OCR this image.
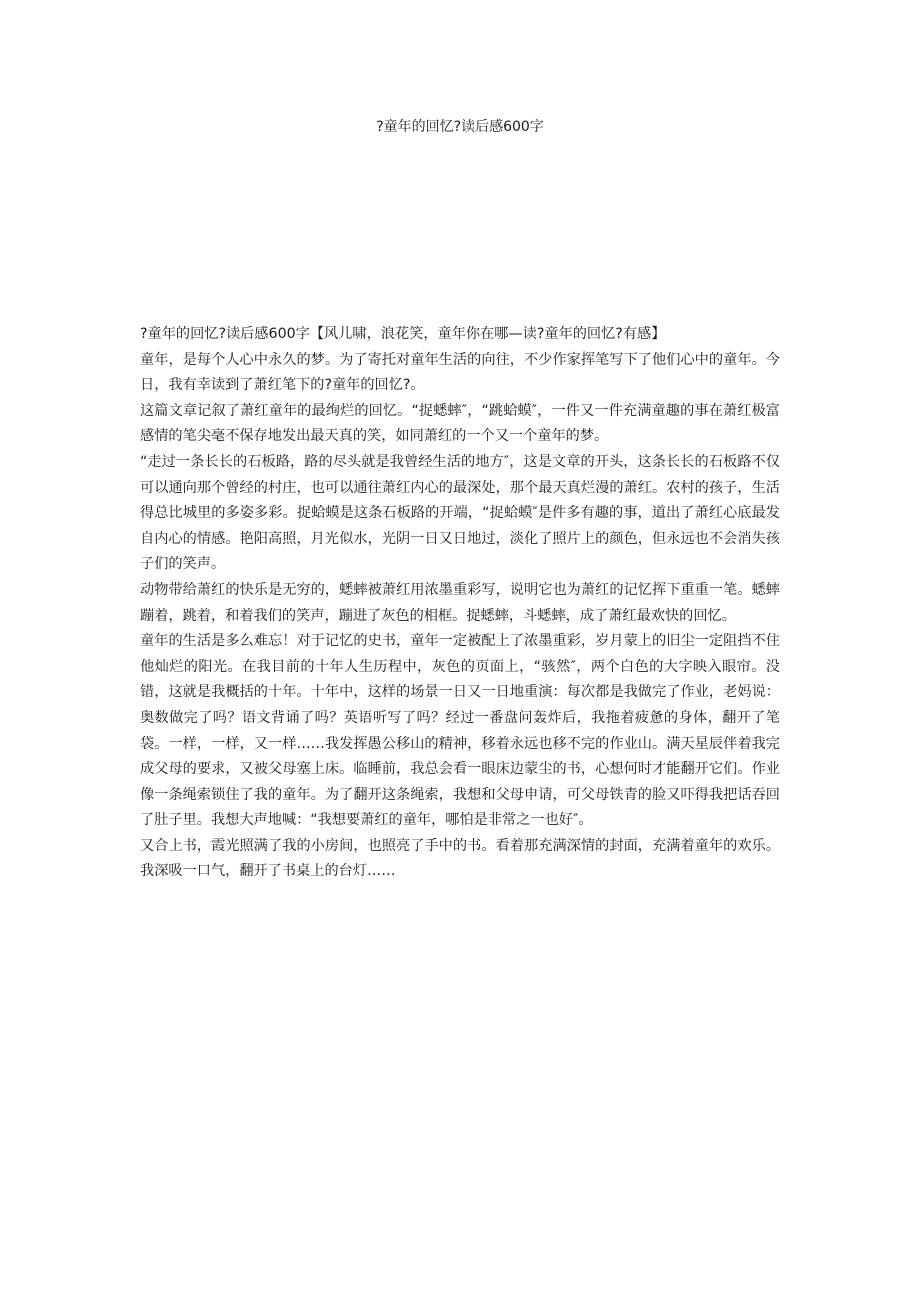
?童年的回忆?读后感600字

?童年的回忆?读后感600字【风儿啸，浪花笑，童年你在哪—读?童年的回忆?有感】

童年，是每个人心中永久的梦。为了寄托对童年生活的向往，不少作家挥笔写下了他们心中的童年。今日，我有幸读到了萧红笔下的?童年的回忆?。

这篇文章记叙了萧红童年的最绚烂的回忆。“捉蟋蟀″，“跳蛤蟆″，一件又一件充满童趣的事在萧红极富感情的笔尖毫不保存地发出最天真的笑，如同萧红的一个又一个童年的梦。

“走过一条长长的石板路，路的尽头就是我曾经生活的地方″，这是文章的开头，这条长长的石板路不仅可以通向那个曾经的村庄，也可以通往萧红内心的最深处，那个最天真烂漫的萧红。农村的孩子，生活得总比城里的多姿多彩。捉蛤蟆是这条石板路的开端，“捉蛤蟆″是件多有趣的事，道出了萧红心底最发自内心的情感。艳阳高照，月光似水，光阴一日又日地过，淡化了照片上的颜色，但永远也不会消失孩子们的笑声。

动物带给萧红的快乐是无穷的，蟋蟀被萧红用浓墨重彩写，说明它也为萧红的记忆挥下重重一笔。蟋蟀蹦着，跳着，和着我们的笑声，蹦进了灰色的相框。捉蟋蟀，斗蟋蟀，成了萧红最欢快的回忆。

童年的生活是多么难忘！对于记忆的史书，童年一定被配上了浓墨重彩，岁月蒙上的旧尘一定阻挡不住他灿烂的阳光。在我目前的十年人生历程中，灰色的页面上，“骇然″，两个白色的大字映入眼帘。没错，这就是我概括的十年。十年中，这样的场景一日又一日地重演：每次都是我做完了作业，老妈说：奥数做完了吗？语文背诵了吗？英语听写了吗？经过一番盘问轰炸后，我拖着疲惫的身体，翻开了笔袋。一样，一样，又一样……我发挥愚公移山的精神，移着永远也移不完的作业山。满天星辰伴着我完成父母的要求，又被父母塞上床。临睡前，我总会看一眼床边蒙尘的书，心想何时才能翻开它们。作业像一条绳索锁住了我的童年。为了翻开这条绳索，我想和父母申请，可父母铁青的脸又吓得我把话吞回了肚子里。我想大声地喊：“我想要萧红的童年，哪怕是非常之一也好″。

又合上书，霞光照满了我的小房间，也照亮了手中的书。看着那充满深情的封面，充满着童年的欢乐。我深吸一口气，翻开了书桌上的台灯……
